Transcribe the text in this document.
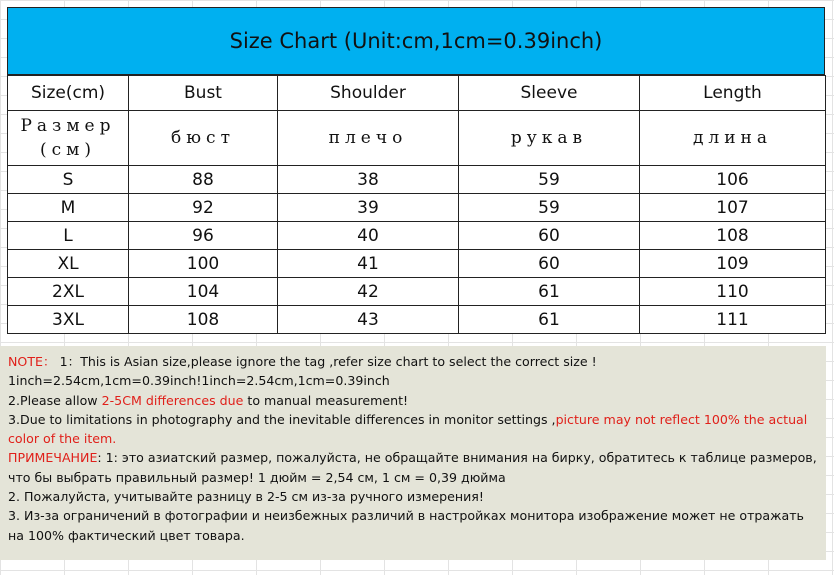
Size Chart (Unit:cm,1cm=0.39inch)
Size(cm)	Bust	Shoulder	Sleeve	Length
Размер (см)	бюст	плечо	рукав	длина
S	88	38	59	106
M	92	39	59	107
L	96	40	60	108
XL	100	41	60	109
2XL	104	42	61	110
3XL	108	43	61	111

NOTE： 1：This is Asian size,please ignore the tag ,refer size chart to select the correct size !

1inch=2.54cm,1cm=0.39inch!1inch=2.54cm,1cm=0.39inch

2.Please allow 2-5CM differences due to manual measurement!

3.Due to limitations in photography and the inevitable differences in monitor settings ,picture may not reflect 100% the actual color of the item.

ПРИМЕЧАНИЕ: 1: это азиатский размер, пожалуйста, не обращайте внимания на бирку, обратитесь к таблице размеров, что бы выбрать правильный размер! 1 дюйм = 2,54 см, 1 см = 0,39 дюйма

2. Пожалуйста, учитывайте разницу в 2-5 см из-за ручного измерения!

3. Из-за ограничений в фотографии и неизбежных различий в настройках монитора изображение может не отражать на 100% фактический цвет товара.
